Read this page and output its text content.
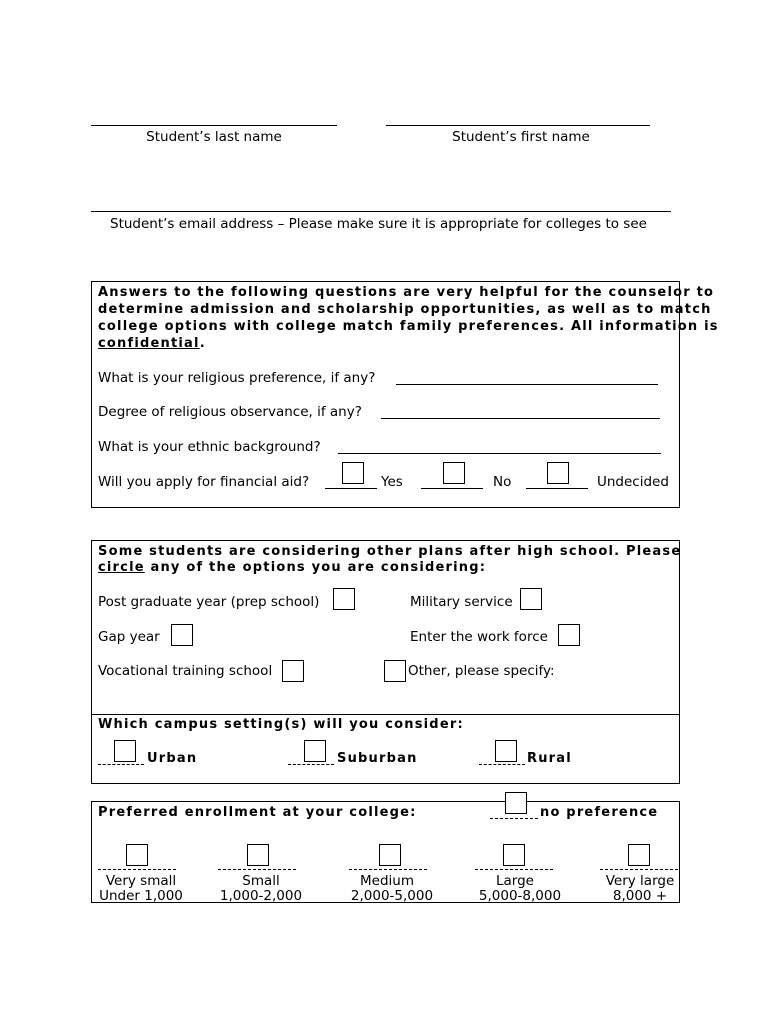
Student’s last name	Student’s first name
Student’s email address – Please make sure it is appropriate for colleges to see
Answers to the following questions are very helpful for the counselor to
determine admission and scholarship opportunities, as well as to match
college options with college match family preferences. All information is
confidential.
What is your religious preference, if any?
Degree of religious observance, if any?
What is your ethnic background?
Will you apply for financial aid?	Yes	No	Undecided
Some students are considering other plans after high school. Please
circle any of the options you are considering:
Post graduate year (prep school)	Military service
Gap year	Enter the work force
Vocational training school	Other, please specify:
Which campus setting(s) will you consider:
Urban	Suburban	Rural
Preferred enrollment at your college:	no preference
Very small
Under 1,000
Small
1,000-2,000
Medium
2,000-5,000
Large
5,000-8,000
Very large
8,000 +
